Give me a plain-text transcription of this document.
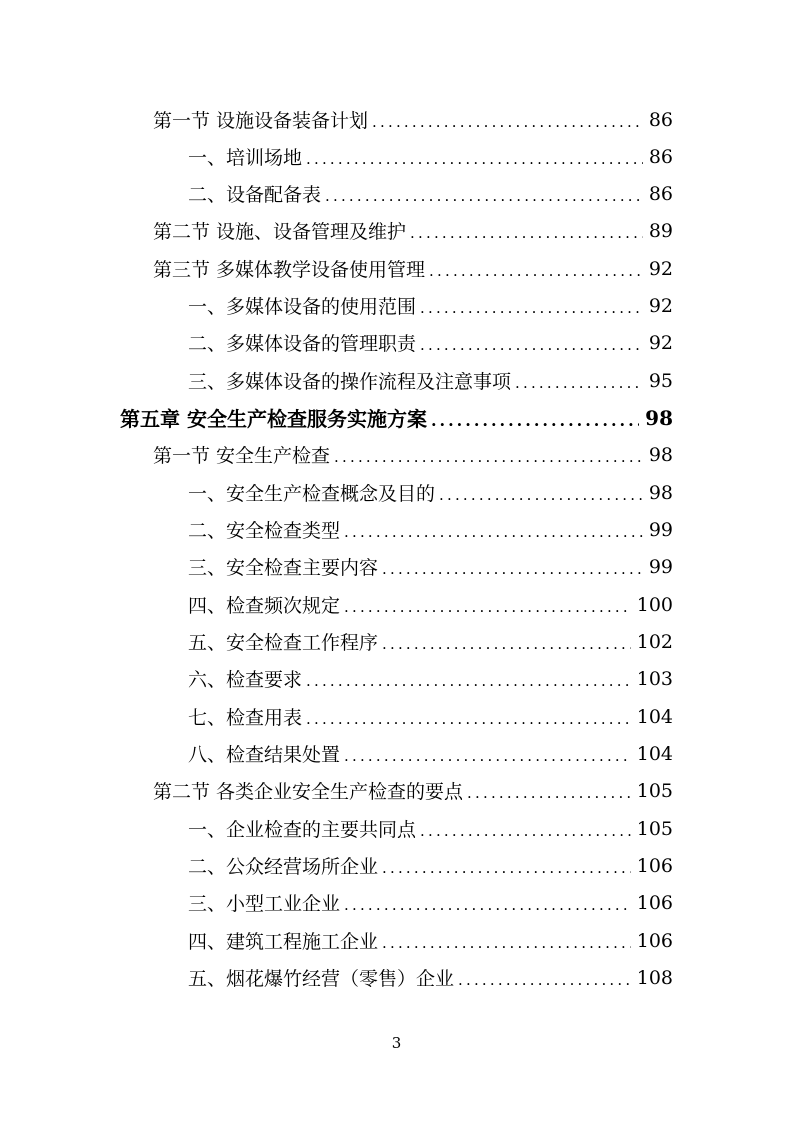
第一节 设施设备装备计划 .....	86
一、培训场地 .....	86
二、设备配备表 .....	86
第二节 设施、设备管理及维护 .....	89
第三节 多媒体教学设备使用管理 .....	92
一、多媒体设备的使用范围 .....	92
二、多媒体设备的管理职责 .....	92
三、多媒体设备的操作流程及注意事项 .....	95
第五章 安全生产检查服务实施方案 .....	98
第一节 安全生产检查 .....	98
一、安全生产检查概念及目的 .....	98
二、安全检查类型 .....	99
三、安全检查主要内容 .....	99
四、检查频次规定 .....	100
五、安全检查工作程序 .....	102
六、检查要求 .....	103
七、检查用表 .....	104
八、检查结果处置 .....	104
第二节 各类企业安全生产检查的要点 .....	105
一、企业检查的主要共同点 .....	105
二、公众经营场所企业 .....	106
三、小型工业企业 .....	106
四、建筑工程施工企业 .....	106
五、烟花爆竹经营（零售）企业 .....	108
3
